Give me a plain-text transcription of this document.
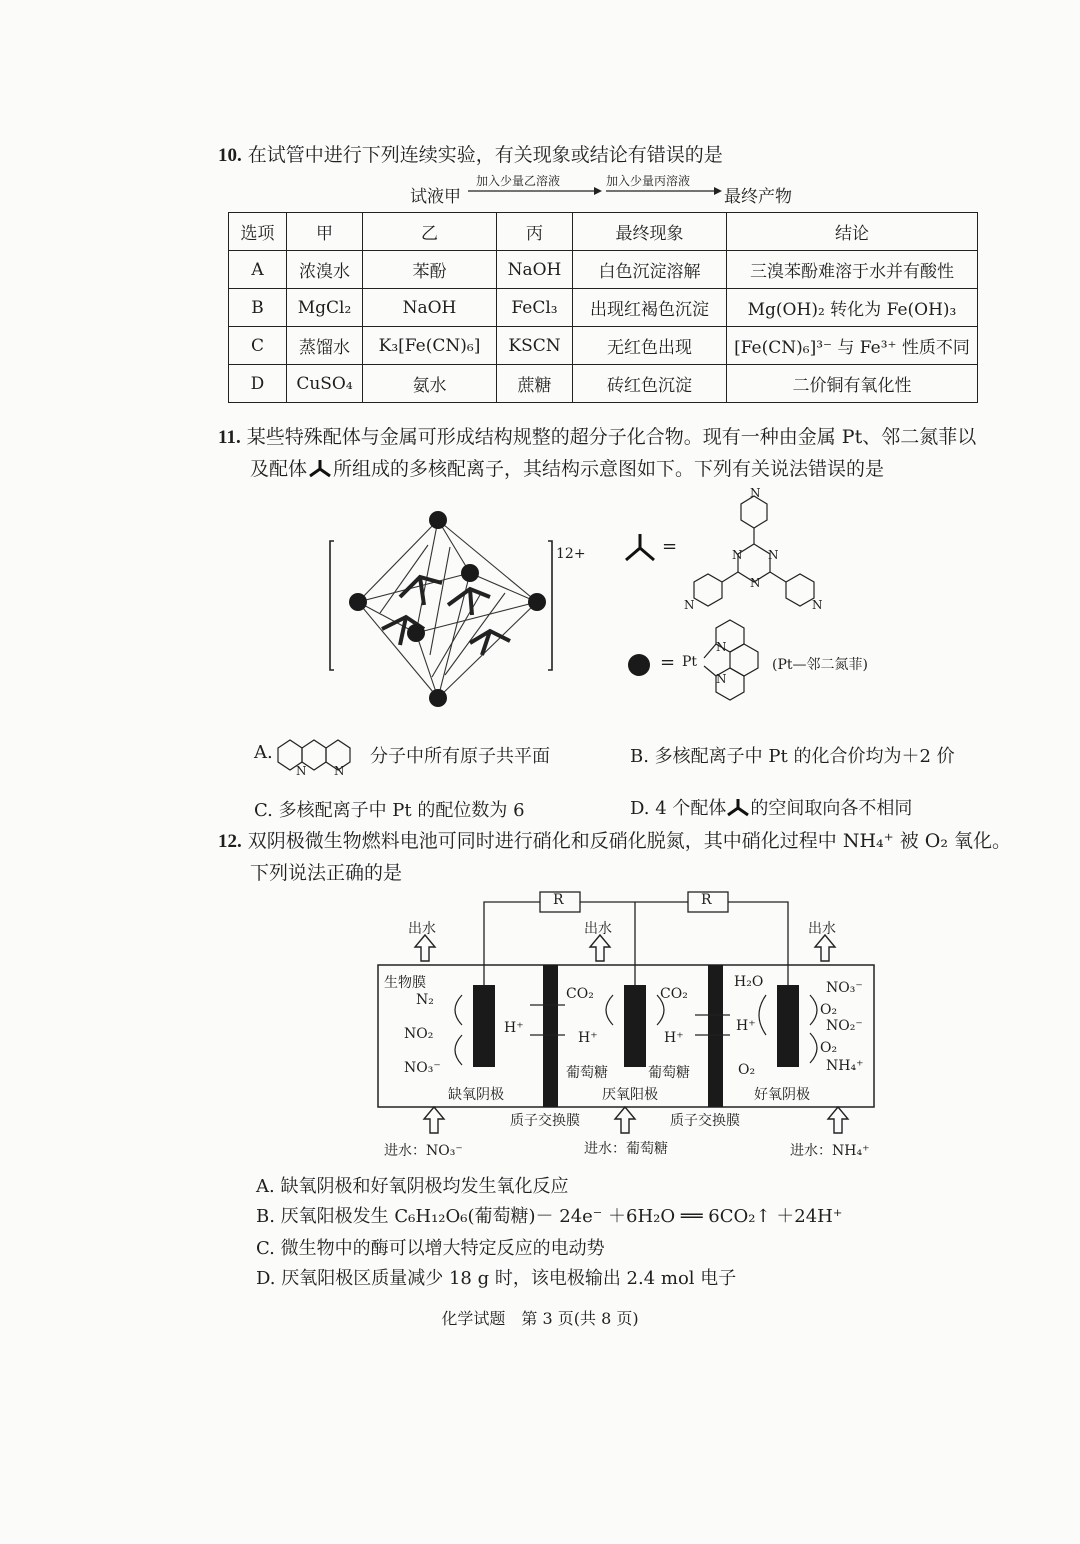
10. 在试管中进行下列连续实验，有关现象或结论有错误的是
试液甲
加入少量乙溶液	加入少量丙溶液
最终产物
选项	甲	乙	丙	最终现象	结论
A	浓溴水	苯酚	NaOH	白色沉淀溶解	三溴苯酚难溶于水并有酸性
B	MgCl₂	NaOH	FeCl₃	出现红褐色沉淀	Mg(OH)₂ 转化为 Fe(OH)₃
C	蒸馏水	K₃[Fe(CN)₆]	KSCN	无红色出现	[Fe(CN)₆]³⁻ 与 Fe³⁺ 性质不同
D	CuSO₄	氨水	蔗糖	砖红色沉淀	二价铜有氧化性
11. 某些特殊配体与金属可形成结构规整的超分子化合物。现有一种由金属 Pt、邻二氮菲以
及配体 所组成的多核配离子，其结构示意图如下。下列有关说法错误的是
12+	=
N
N N
N
N	N
= Pt
N
N
(Pt—邻二氮菲)
A.
N N
分子中所有原子共平面	B. 多核配离子中 Pt 的化合价均为＋2 价
C. 多核配离子中 Pt 的配位数为 6	D. 4 个配体 的空间取向各不相同
12. 双阴极微生物燃料电池可同时进行硝化和反硝化脱氮，其中硝化过程中 NH₄⁺ 被 O₂ 氧化。
下列说法正确的是
R	R
出水	出水	出水
生物膜
N₂
NO₂
NO₃⁻
H⁺
缺氧阴极
CO₂	CO₂
H⁺	H⁺
葡萄糖	葡萄糖
厌氧阳极
H₂O
H⁺
O₂
NO₃⁻
O₂
NO₂⁻
O₂
NH₄⁺
好氧阴极
质子交换膜	质子交换膜
进水：NO₃⁻	进水：葡萄糖	进水：NH₄⁺
A. 缺氧阴极和好氧阴极均发生氧化反应
B. 厌氧阳极发生 C₆H₁₂O₆(葡萄糖)－ 24e⁻ ＋6H₂O ══ 6CO₂↑ ＋24H⁺
C. 微生物中的酶可以增大特定反应的电动势
D. 厌氧阳极区质量减少 18 g 时，该电极输出 2.4 mol 电子
化学试题　第 3 页(共 8 页)
